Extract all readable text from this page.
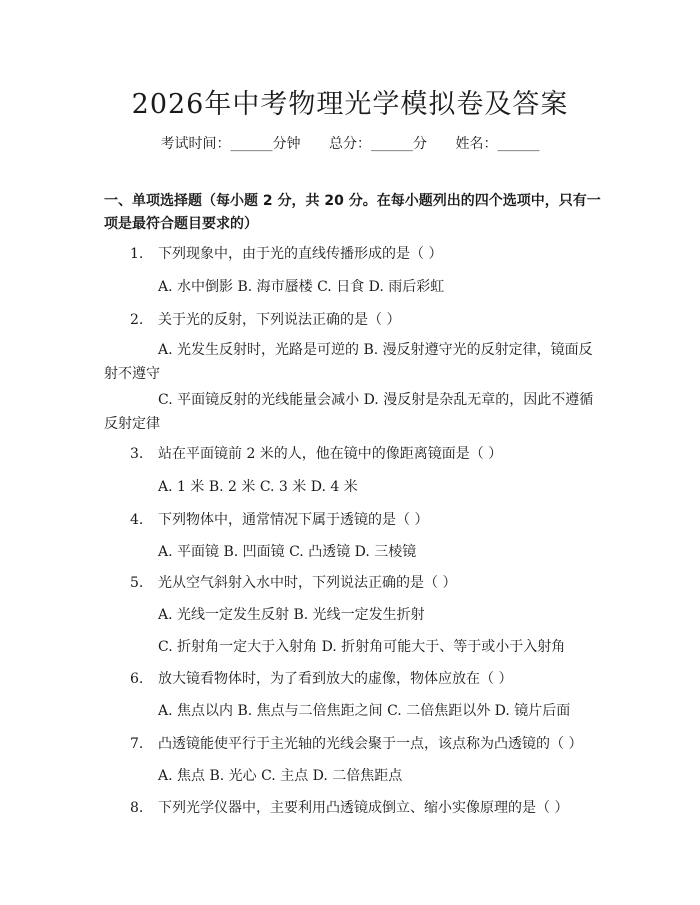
2026年中考物理光学模拟卷及答案
考试时间：______分钟 总分：______分 姓名：______
一、单项选择题（每小题 2 分，共 20 分。在每小题列出的四个选项中，只有一项是最符合题目要求的）
1. 下列现象中，由于光的直线传播形成的是（ ）
A. 水中倒影 B. 海市蜃楼 C. 日食 D. 雨后彩虹
2. 关于光的反射，下列说法正确的是（ ）
A. 光发生反射时，光路是可逆的 B. 漫反射遵守光的反射定律，镜面反射不遵守
C. 平面镜反射的光线能量会减小 D. 漫反射是杂乱无章的，因此不遵循反射定律
3. 站在平面镜前 2 米的人，他在镜中的像距离镜面是（ ）
A. 1 米 B. 2 米 C. 3 米 D. 4 米
4. 下列物体中，通常情况下属于透镜的是（ ）
A. 平面镜 B. 凹面镜 C. 凸透镜 D. 三棱镜
5. 光从空气斜射入水中时，下列说法正确的是（ ）
A. 光线一定发生反射 B. 光线一定发生折射
C. 折射角一定大于入射角 D. 折射角可能大于、等于或小于入射角
6. 放大镜看物体时，为了看到放大的虚像，物体应放在（ ）
A. 焦点以内 B. 焦点与二倍焦距之间 C. 二倍焦距以外 D. 镜片后面
7. 凸透镜能使平行于主光轴的光线会聚于一点，该点称为凸透镜的（ ）
A. 焦点 B. 光心 C. 主点 D. 二倍焦距点
8. 下列光学仪器中，主要利用凸透镜成倒立、缩小实像原理的是（ ）
